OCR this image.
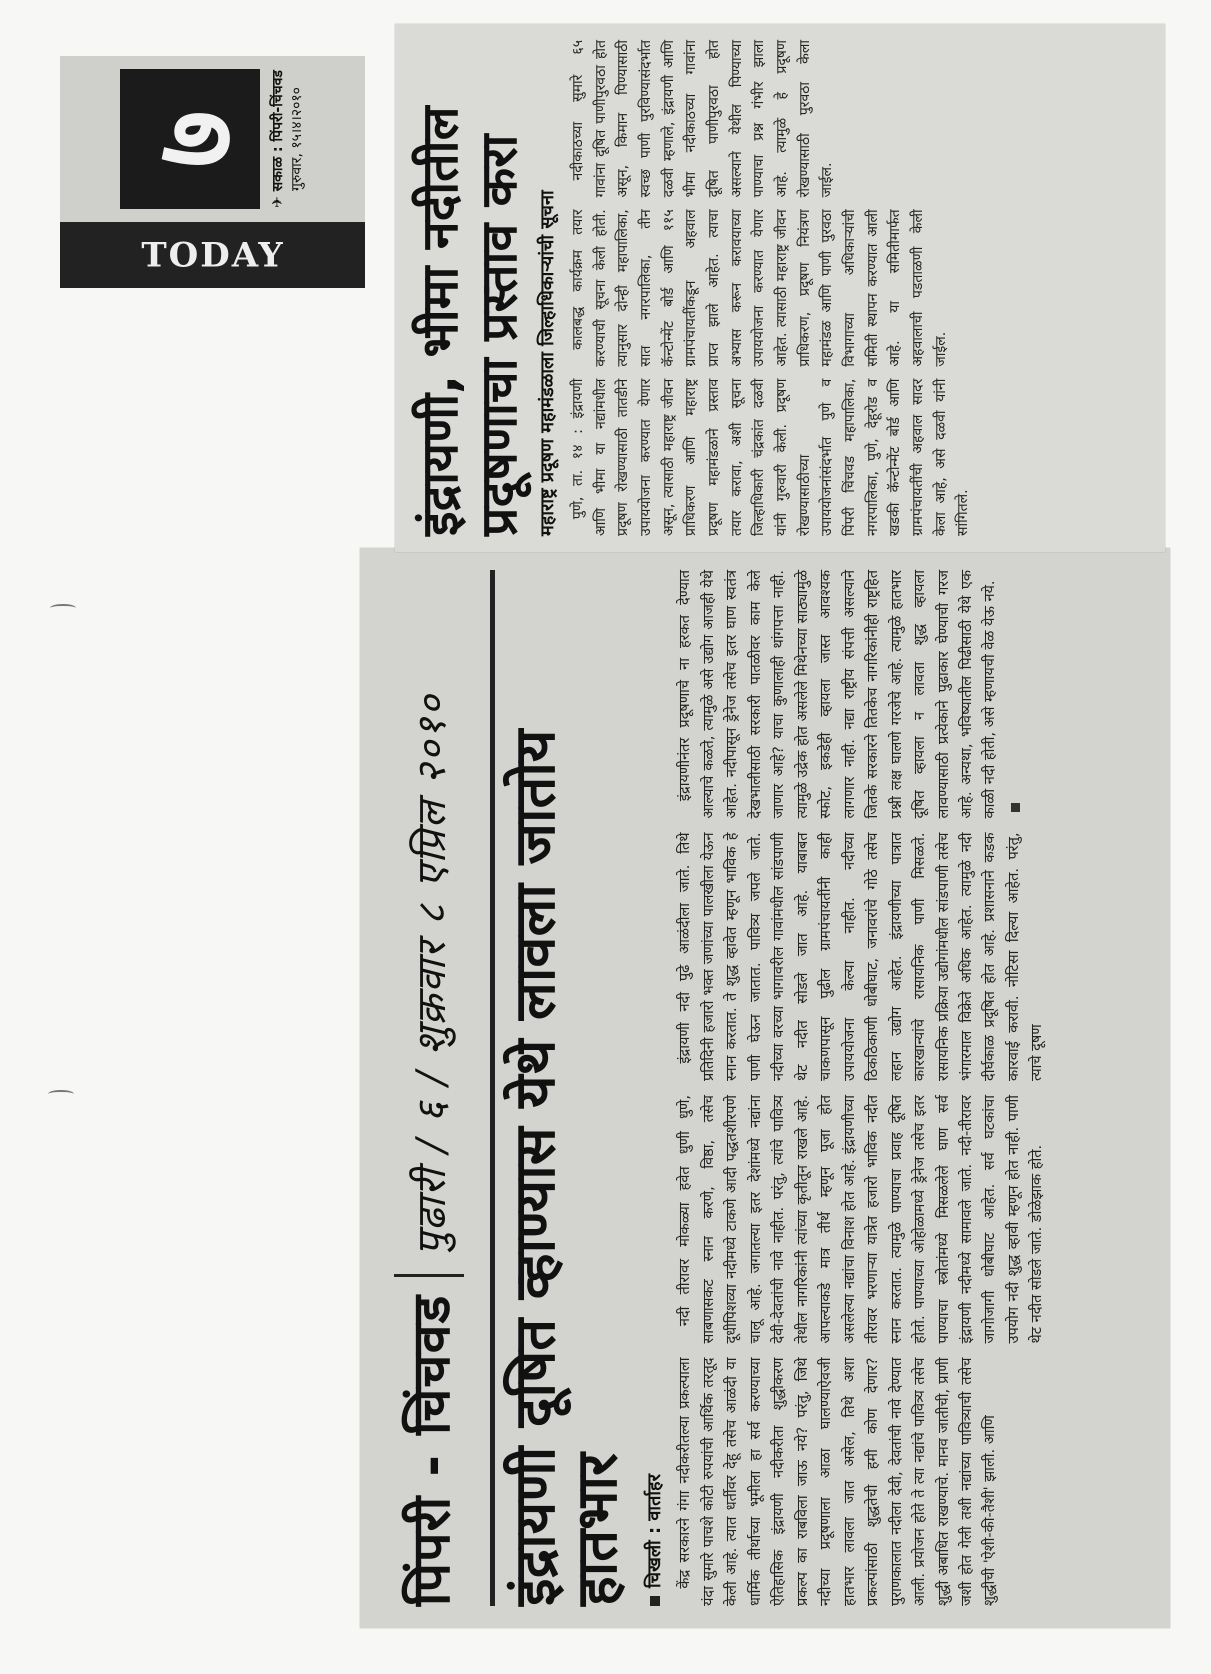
पिंपरी - चिंचवड
पुढारी / ६ / शुक्रवार ८ एप्रिल २०१० इंद्रायणी दूषित व्हाण्यास येथे लावला जातोय हातभार चिखली : वार्ताहर केंद्र सरकारने गंगा नदीकरीतल्या प्रकल्पाला यंदा सुमारे पाचशे कोटी रुपयांची आर्थिक तरतूद केली आहे. त्यात धर्तीवर देहू तसेच आळंदी या धार्मिक तीर्थाच्या भूमीला हा सर्व करण्याच्या ऐतिहासिक इंद्रायणी नदीकरीता शुद्धीकरण प्रकल्प का राबविला जाऊ नये? परंतु, जिथे नदीच्या प्रदूषणाला आळा घालण्याऐवजी हातभार लावला जात असेल, तिथे अशा प्रकल्पांसाठी शुद्धतेची हमी कोण देणार? पुराणकालात नदीला देवी, देवतांची नावे देण्यात आली. प्रयोजन होते ते त्या नद्यांचे पावित्र्य तसेच शुद्धी अबाधित राखण्याचे. मानव जातीची, प्राणी जशी होत गेली तशी नद्यांच्या पावित्र्याची तसेच शुद्धीची 'ऐशी-की-तैशी' झाली. आणि

नदी तीरावर मोकळ्या हवेत धुणी धुणे, साबणासकट स्नान करणे, विष्ठा, तसेच दूधीपिशव्या नदीमध्ये टाकणे आदी पद्धतशीरपणे चालू आहे. जगातल्या इतर देशांमध्ये नद्यांना देवी-देवतांची नावे नाहीत. परंतु, त्यांचे पावित्र्य तेथील नागरिकांनी त्यांच्या कृतीतून राखले आहे. आपल्याकडे मात्र तीर्थ म्हणून पूजा होत असलेल्या नद्यांचा विनाश होत आहे. इंद्रायणीच्या तीरावर भरणाऱ्या यात्रेत हजारो भाविक नदीत स्नान करतात. त्यामुळे पाण्याचा प्रवाह दूषित होतो. पाण्याच्या ओहोळामध्ये ड्रेनेज तसेच इतर पाण्याचा स्त्रोतांमध्ये मिसळलेले घाण सर्व इंद्रायणी नदीमध्ये सामावले जाते. नदी-तीरावर जागोजागी धोबीघाट आहेत. सर्व घटकांचा उपयोग नदी शुद्ध व्हावी म्हणून होत नाही. पाणी थेट नदीत सोडले जाते. डोळेझाक होते.

इंद्रायणी नदी पुढे आळंदीला जाते. तिथे प्रतिदिनी हजारो भक्त जणांच्या पालखीला येऊन स्नान करतात. ते शुद्ध व्हावेत म्हणून भाविक हे पाणी घेऊन जातात. पावित्र्य जपले जाते. नदीच्या वरच्या भागावरील गावांमधील सांडपाणी थेट नदीत सोडले जात आहे. याबाबत चाकणपासून पुढील ग्रामपंचायतींनी काही उपाययोजना केल्या नाहीत. नदीच्या ठिकठिकाणी धोबीघाट, जनावरांचे गोठे तसेच लहान उद्योग आहेत. इंद्रायणीच्या पात्रात कारखान्यांचे रासायनिक पाणी मिसळते. रासायनिक प्रक्रिया उद्योगांमधील सांडपाणी तसेच भंगारमाल विक्रेते अधिक आहेत. त्यामुळे नदी दीर्घकाळ प्रदूषित होत आहे. प्रशासनाने कडक कारवाई करावी. नोटिसा दिल्या आहेत. परंतु, त्याचे दूषण

इंद्रायणीनंतर प्रदूषणाचे ना हरकत देण्यात आल्याचे कळते, त्यामुळे असे उद्योग आजही येथे आहेत. नदीपासून ड्रेनेज तसेच इतर घाण स्वतंत्र देखभालीसाठी सरकारी पातळीवर काम केले जाणार आहे? याचा कुणालाही थांगपत्ता नाही. त्यामुळे उद्रेक होत असलेले मिथेनच्या साठ्यामुळे स्फोट, इकडेही व्हायला जास्त आवश्यक लागणार नाही. नद्या राष्ट्रीय संपत्ती असल्याने जितके सरकारने तितकेच नागरिकांनीही राष्ट्रहित प्रश्नी लक्ष घालणे गरजेचे आहे. त्यामुळे हातभार दूषित व्हायला न लावता शुद्ध व्हायला लावण्यासाठी प्रत्येकाने पुढाकार घेण्याची गरज आहे. अन्यथा, भविष्यातील पिढीसाठी येथे एक काळी नदी होती, असे म्हणायची वेळ येऊ नये.

इंद्रायणी, भीमा नदीतील प्रदूषणाचा प्रस्ताव करा महाराष्ट्र प्रदूषण महामंडळाला जिल्हाधिकाऱ्यांची सूचना पुणे, ता. १४ : इंद्रायणी आणि भीमा या नद्यांमधील प्रदूषण रोखण्यासाठी तातडीने उपाययोजना करण्यात येणार असून, त्यासाठी महाराष्ट्र जीवन प्राधिकरण आणि महाराष्ट्र प्रदूषण महामंडळाने प्रस्ताव तयार करावा, अशी सूचना जिल्हाधिकारी चंद्रकांत दळवी यांनी गुरुवारी केली. प्रदूषण रोखण्यासाठीच्या उपाययोजनांसंदर्भात पुणे व पिंपरी चिंचवड महापालिका, नगरपालिका, पुणे, देहूरोड व खडकी कॅन्टोन्मेंट बोर्ड आणि ग्रामपंचायतींची अहवाल सादर केला आहे, असे दळवी यांनी सांगितले.

कालबद्ध कार्यक्रम तयार करण्याची सूचना केली होती. त्यानुसार दोन्ही महापालिका, सात नगरपालिका, तीन कॅन्टोन्मेंट बोर्ड आणि ११५ ग्रामपंचायतींकडून अहवाल प्राप्त झाले आहेत. त्याचा अभ्यास करून करावयाच्या उपाययोजना करण्यात येणार आहेत. त्यासाठी महाराष्ट्र जीवन प्राधिकरण, प्रदूषण नियंत्रण महामंडळ आणि पाणी पुरवठा विभागाच्या अधिकाऱ्यांची समिती स्थापन करण्यात आली आहे. या समितीमार्फत अहवालाची पडताळणी केली जाईल.

नदीकाठच्या सुमारे ६५ गावांना दूषित पाणीपुरवठा होत असून, किमान पिण्यासाठी स्वच्छ पाणी पुरविण्यासंदर्भात दळवी म्हणाले, इंद्रायणी आणि भीमा नदीकाठच्या गावांना दूषित पाणीपुरवठा होत असल्याने येथील पिण्याच्या पाण्याचा प्रश्न गंभीर झाला आहे. त्यामुळे हे प्रदूषण रोखण्यासाठी पुरवठा केला जाईल.

TODAY
७
✈ सकाळ : पिंपरी-चिंचवड गुरुवार, १५।४।२०१०
